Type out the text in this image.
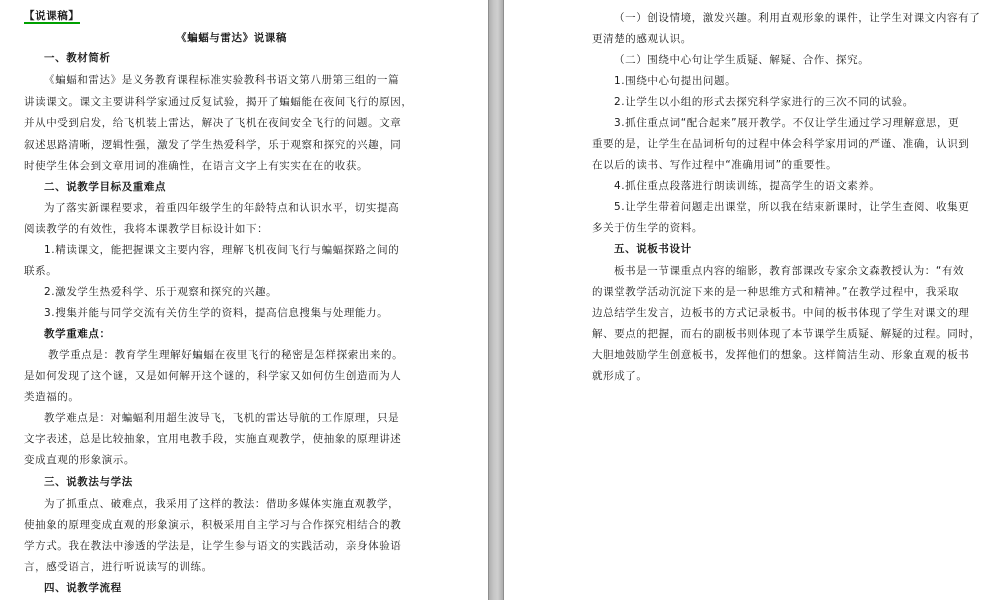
【说课稿】
《蝙蝠与雷达》说课稿
一、教材简析
《蝙蝠和雷达》是义务教育课程标准实验教科书语文第八册第三组的一篇
讲读课文。课文主要讲科学家通过反复试验，揭开了蝙蝠能在夜间飞行的原因，
并从中受到启发，给飞机装上雷达，解决了飞机在夜间安全飞行的问题。文章
叙述思路清晰，逻辑性强，激发了学生热爱科学，乐于观察和探究的兴趣，同
时使学生体会到文章用词的准确性，在语言文字上有实实在在的收获。
二、说教学目标及重难点
为了落实新课程要求，着重四年级学生的年龄特点和认识水平，切实提高
阅读教学的有效性，我将本课教学目标设计如下：
1.精读课文，能把握课文主要内容，理解飞机夜间飞行与蝙蝠探路之间的
联系。
2.激发学生热爱科学、乐于观察和探究的兴趣。
3.搜集并能与同学交流有关仿生学的资料，提高信息搜集与处理能力。
教学重难点：
教学重点是：教育学生理解好蝙蝠在夜里飞行的秘密是怎样探索出来的。
是如何发现了这个谜，又是如何解开这个谜的，科学家又如何仿生创造而为人
类造福的。
教学难点是：对蝙蝠利用超生波导飞，飞机的雷达导航的工作原理，只是
文字表述，总是比较抽象，宜用电教手段，实施直观教学，使抽象的原理讲述
变成直观的形象演示。
三、说教法与学法
为了抓重点、破难点，我采用了这样的教法：借助多媒体实施直观教学，
使抽象的原理变成直观的形象演示，积极采用自主学习与合作探究相结合的教
学方式。我在教法中渗透的学法是，让学生参与语文的实践活动，亲身体验语
言，感受语言，进行听说读写的训练。
四、说教学流程
（一）创设情境，激发兴趣。利用直观形象的课件，让学生对课文内容有了
更清楚的感观认识。
（二）围绕中心句让学生质疑、解疑、合作、探究。
1.围绕中心句提出问题。
2.让学生以小组的形式去探究科学家进行的三次不同的试验。
3.抓住重点词“配合起来”展开教学。不仅让学生通过学习理解意思，更
重要的是，让学生在品词析句的过程中体会科学家用词的严谨、准确，认识到
在以后的读书、写作过程中“准确用词”的重要性。
4.抓住重点段落进行朗读训练，提高学生的语文素养。
5.让学生带着问题走出课堂，所以我在结束新课时，让学生查阅、收集更
多关于仿生学的资料。
五、说板书设计
板书是一节课重点内容的缩影，教育部课改专家余文森教授认为：“有效
的课堂教学活动沉淀下来的是一种思维方式和精神。”在教学过程中，我采取
边总结学生发言，边板书的方式记录板书。中间的板书体现了学生对课文的理
解、要点的把握，而右的副板书则体现了本节课学生质疑、解疑的过程。同时，
大胆地鼓励学生创意板书，发挥他们的想象。这样简洁生动、形象直观的板书
就形成了。
